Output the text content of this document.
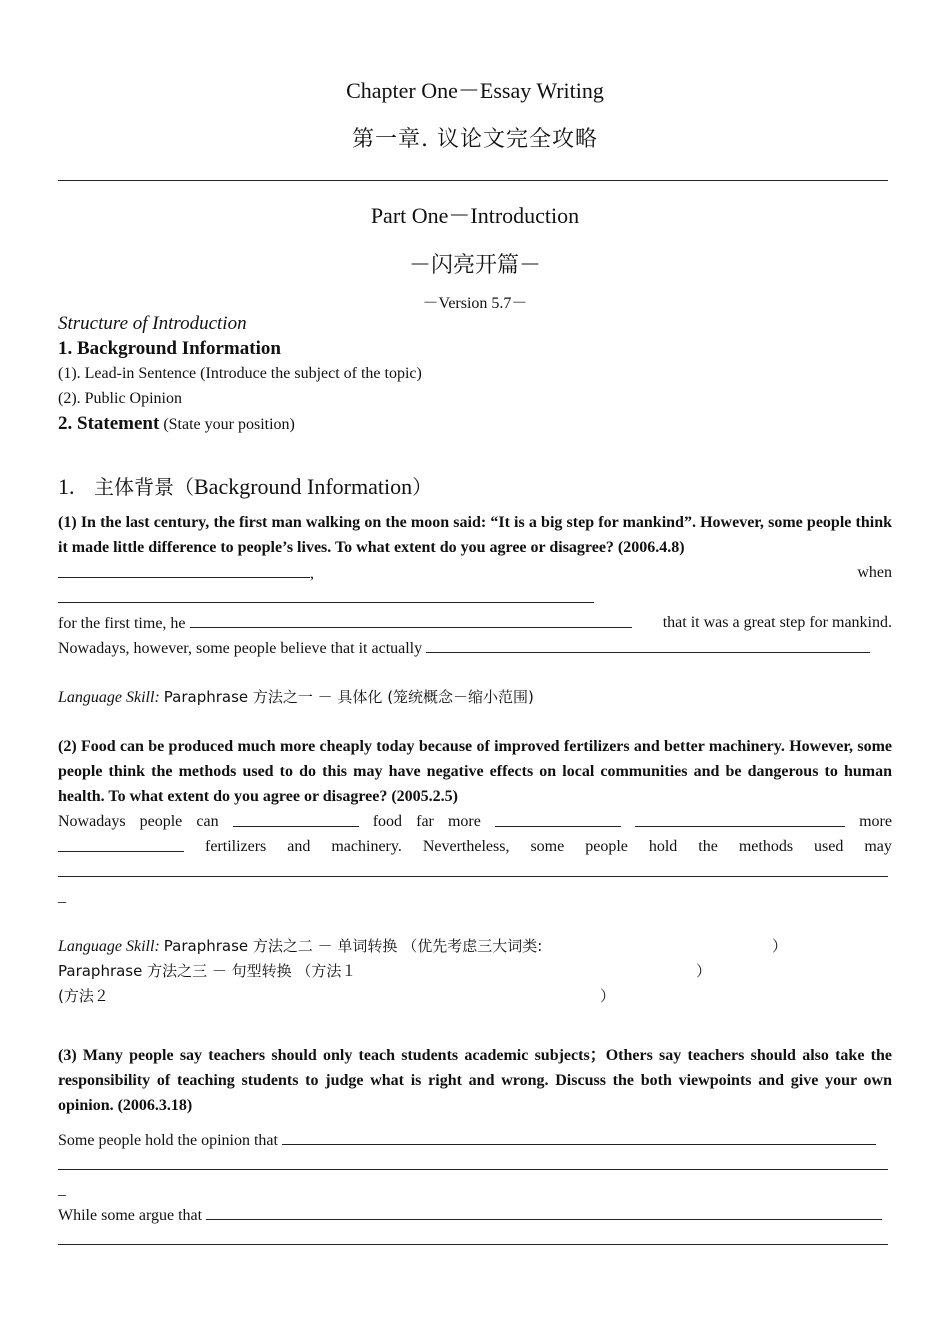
Chapter One－Essay Writing
第一章. 议论文完全攻略
Part One－Introduction
－闪亮开篇－
－Version 5.7－
Structure of Introduction
1. Background Information
(1). Lead-in Sentence (Introduce the subject of the topic)
(2). Public Opinion
2. Statement (State your position)
1. 主体背景（Background Information）
(1) In the last century, the first man walking on the moon said: “It is a big step for mankind”. However, some people think it made little difference to people’s lives. To what extent do you agree or disagree? (2006.4.8)
,	when
for the first time, he	that it was a great step for mankind.
Nowadays, however, some people believe that it actually
Language Skill: Paraphrase 方法之一 － 具体化 (笼统概念－缩小范围)
(2) Food can be produced much more cheaply today because of improved fertilizers and better machinery. However, some people think the methods used to do this may have negative effects on local communities and be dangerous to human health. To what extent do you agree or disagree? (2005.2.5)
Nowadays people can	food far more	more
fertilizers and machinery. Nevertheless, some people hold the methods used may
_
Language Skill: Paraphrase 方法之二 － 单词转换 （优先考虑三大词类:	）
Paraphrase 方法之三 － 句型转换 （方法１	）
(方法２	）
(3) Many people say teachers should only teach students academic subjects；Others say teachers should also take the responsibility of teaching students to judge what is right and wrong. Discuss the both viewpoints and give your own opinion. (2006.3.18)
Some people hold the opinion that
_
While some argue that
